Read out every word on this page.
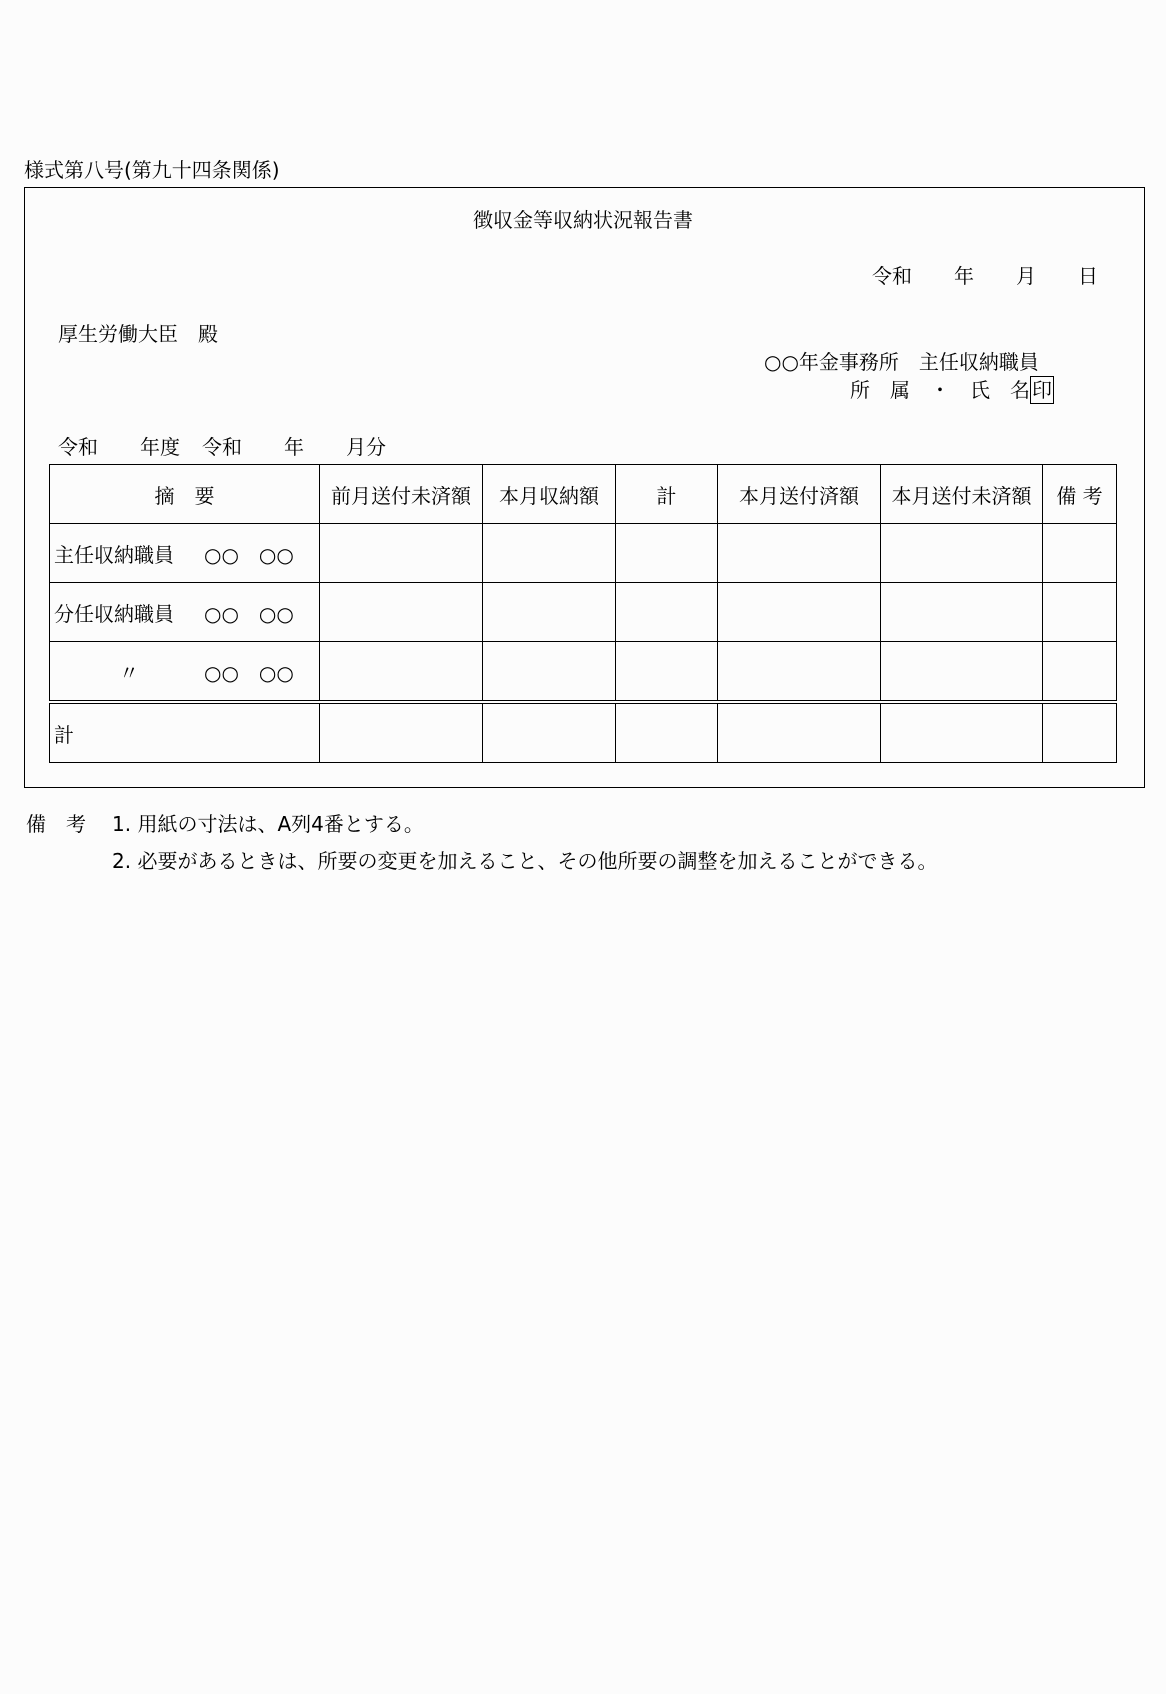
様式第八号(第九十四条関係)
徴収金等収納状況報告書
令和 年 月 日
厚生労働大臣　殿
○○年金事務所　主任収納職員
所　属　・　氏　名 印
令和 年度 令和 年 月分
摘　要	前月送付未済額	本月収納額	計	本月送付済額	本月送付未済額	備 考
主任収納職員 ○○　○○						
分任収納職員 ○○　○○						
〃 ○○　○○						
計						
備　考 1. 用紙の寸法は、A列4番とする。
2. 必要があるときは、所要の変更を加えること、その他所要の調整を加えることができる。
